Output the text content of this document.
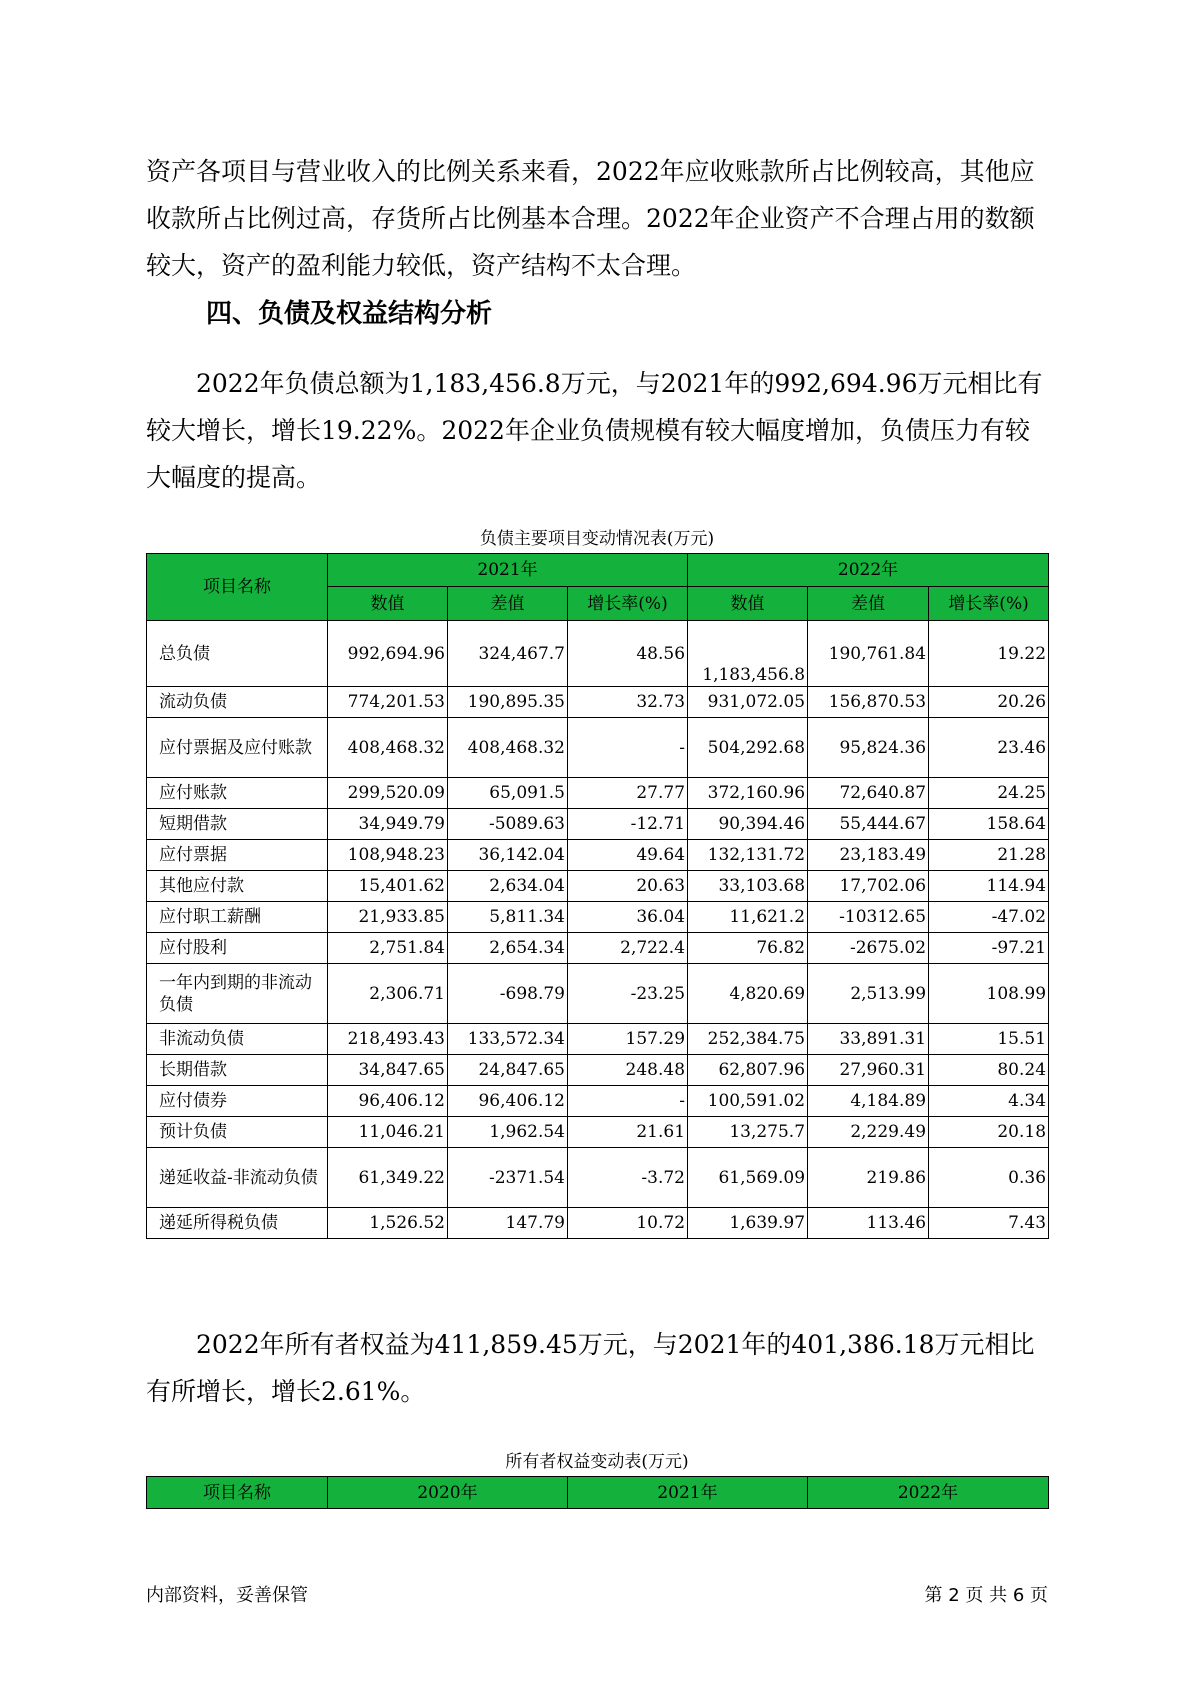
资产各项目与营业收入的比例关系来看，2022年应收账款所占比例较高，其他应收款所占比例过高，存货所占比例基本合理。2022年企业资产不合理占用的数额较大，资产的盈利能力较低，资产结构不太合理。

四、负债及权益结构分析

2022年负债总额为1,183,456.8万元，与2021年的992,694.96万元相比有较大增长，增长19.22%。2022年企业负债规模有较大幅度增加，负债压力有较大幅度的提高。

负债主要项目变动情况表(万元)
项目名称	2021年			2022年		
	数值	差值	增长率(%)	数值	差值	增长率(%)
总负债	992,694.96	324,467.7	48.56	1,183,456.8	190,761.84	19.22
流动负债	774,201.53	190,895.35	32.73	931,072.05	156,870.53	20.26
应付票据及应付账款	408,468.32	408,468.32	-	504,292.68	95,824.36	23.46
应付账款	299,520.09	65,091.5	27.77	372,160.96	72,640.87	24.25
短期借款	34,949.79	-5089.63	-12.71	90,394.46	55,444.67	158.64
应付票据	108,948.23	36,142.04	49.64	132,131.72	23,183.49	21.28
其他应付款	15,401.62	2,634.04	20.63	33,103.68	17,702.06	114.94
应付职工薪酬	21,933.85	5,811.34	36.04	11,621.2	-10312.65	-47.02
应付股利	2,751.84	2,654.34	2,722.4	76.82	-2675.02	-97.21
一年内到期的非流动负债	2,306.71	-698.79	-23.25	4,820.69	2,513.99	108.99
非流动负债	218,493.43	133,572.34	157.29	252,384.75	33,891.31	15.51
长期借款	34,847.65	24,847.65	248.48	62,807.96	27,960.31	80.24
应付债券	96,406.12	96,406.12	-	100,591.02	4,184.89	4.34
预计负债	11,046.21	1,962.54	21.61	13,275.7	2,229.49	20.18
递延收益-非流动负债	61,349.22	-2371.54	-3.72	61,569.09	219.86	0.36
递延所得税负债	1,526.52	147.79	10.72	1,639.97	113.46	7.43

2022年所有者权益为411,859.45万元，与2021年的401,386.18万元相比有所增长，增长2.61%。

所有者权益变动表(万元)
项目名称	2020年	2021年	2022年
内部资料，妥善保管	第 2 页 共 6 页
